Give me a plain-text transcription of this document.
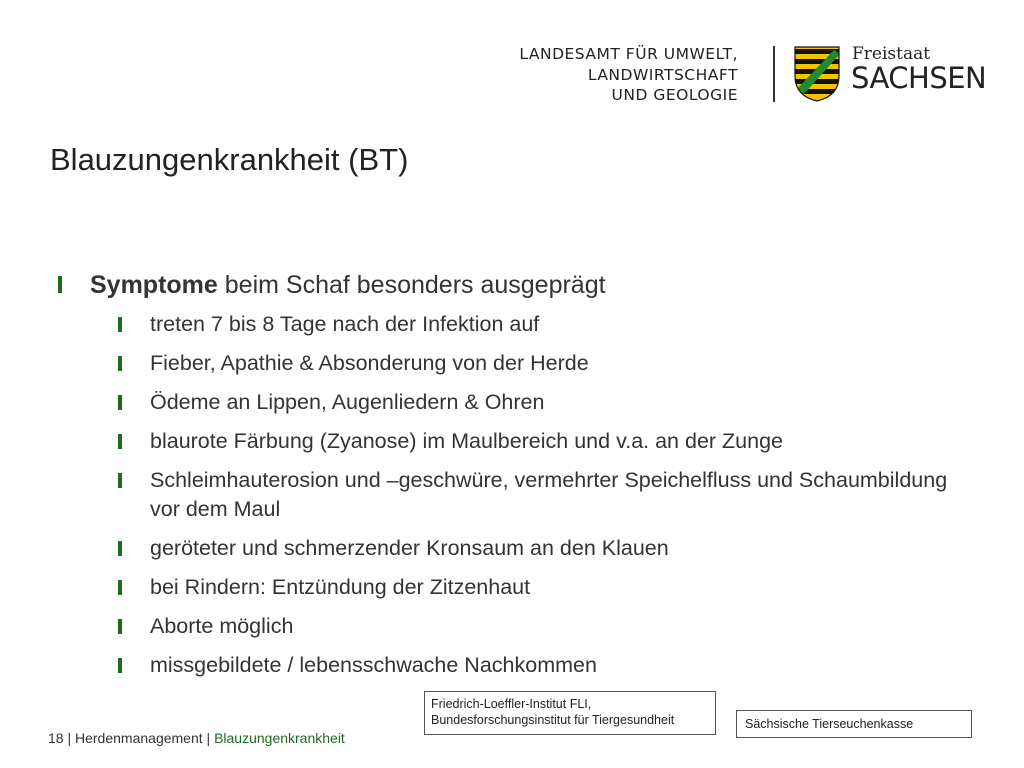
LANDESAMT FÜR UMWELT,
LANDWIRTSCHAFT
UND GEOLOGIE
Freistaat
SACHSEN
Blauzungenkrankheit (BT)
Symptome beim Schaf besonders ausgeprägt
treten 7 bis 8 Tage nach der Infektion auf
Fieber, Apathie & Absonderung von der Herde
Ödeme an Lippen, Augenliedern & Ohren
blaurote Färbung (Zyanose) im Maulbereich und v.a. an der Zunge
Schleimhauterosion und –geschwüre, vermehrter Speichelfluss und Schaumbildung vor dem Maul
geröteter und schmerzender Kronsaum an den Klauen
bei Rindern: Entzündung der Zitzenhaut
Aborte möglich
missgebildete / lebensschwache Nachkommen
Friedrich-Loeffler-Institut FLI,
Bundesforschungsinstitut für Tiergesundheit	Sächsische Tierseuchenkasse
18 | Herdenmanagement | Blauzungenkrankheit
